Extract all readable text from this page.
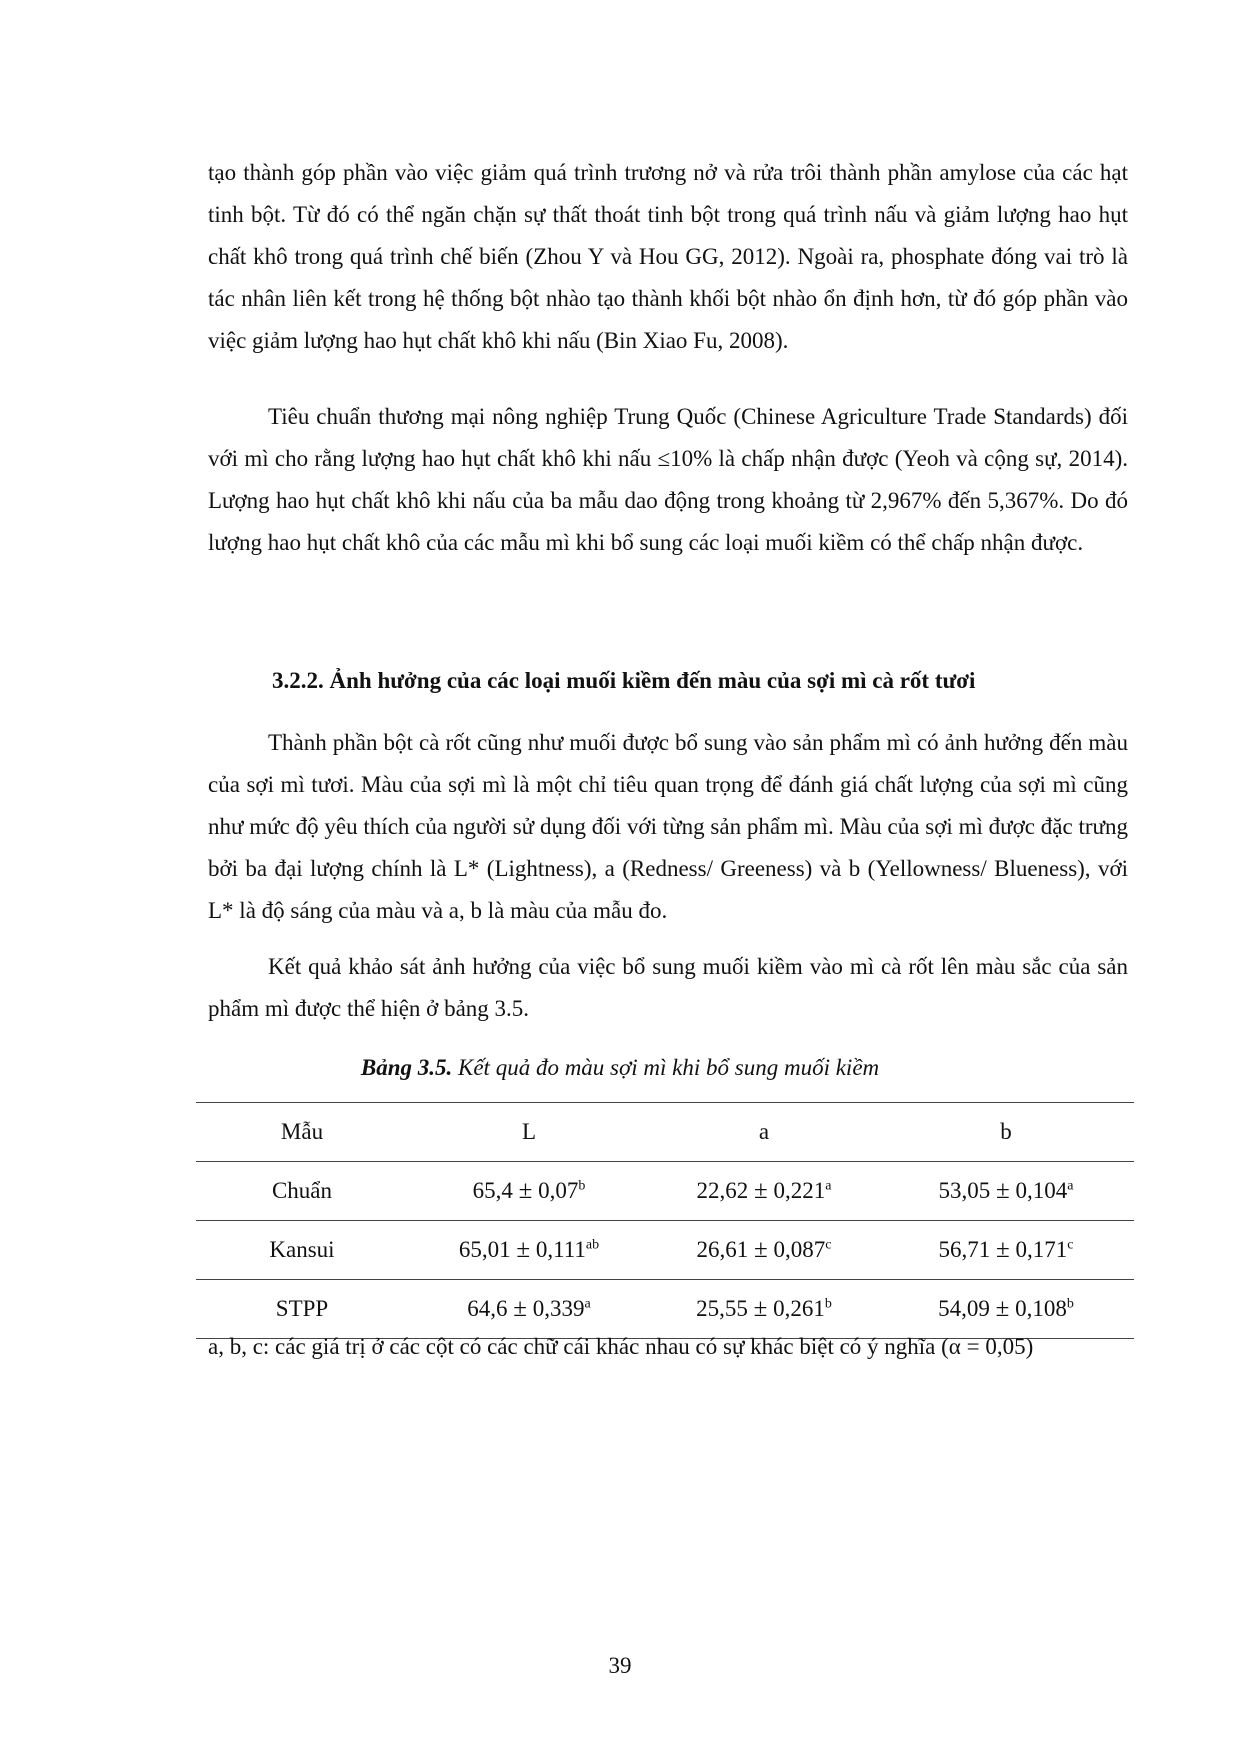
tạo thành góp phần vào việc giảm quá trình trương nở và rửa trôi thành phần amylose của các hạt tinh bột. Từ đó có thể ngăn chặn sự thất thoát tinh bột trong quá trình nấu và giảm lượng hao hụt chất khô trong quá trình chế biến (Zhou Y và Hou GG, 2012). Ngoài ra, phosphate đóng vai trò là tác nhân liên kết trong hệ thống bột nhào tạo thành khối bột nhào ổn định hơn, từ đó góp phần vào việc giảm lượng hao hụt chất khô khi nấu (Bin Xiao Fu, 2008).

Tiêu chuẩn thương mại nông nghiệp Trung Quốc (Chinese Agriculture Trade Standards) đối với mì cho rằng lượng hao hụt chất khô khi nấu ≤10% là chấp nhận được (Yeoh và cộng sự, 2014). Lượng hao hụt chất khô khi nấu của ba mẫu dao động trong khoảng từ 2,967% đến 5,367%. Do đó lượng hao hụt chất khô của các mẫu mì khi bổ sung các loại muối kiềm có thể chấp nhận được.

3.2.2. Ảnh hưởng của các loại muối kiềm đến màu của sợi mì cà rốt tươi

Thành phần bột cà rốt cũng như muối được bổ sung vào sản phẩm mì có ảnh hưởng đến màu của sợi mì tươi. Màu của sợi mì là một chỉ tiêu quan trọng để đánh giá chất lượng của sợi mì cũng như mức độ yêu thích của người sử dụng đối với từng sản phẩm mì. Màu của sợi mì được đặc trưng bởi ba đại lượng chính là L* (Lightness), a (Redness/ Greeness) và b (Yellowness/ Blueness), với L* là độ sáng của màu và a, b là màu của mẫu đo.

Kết quả khảo sát ảnh hưởng của việc bổ sung muối kiềm vào mì cà rốt lên màu sắc của sản phẩm mì được thể hiện ở bảng 3.5.

Bảng 3.5. Kết quả đo màu sợi mì khi bổ sung muối kiềm

Mẫu	L	a	b
Chuẩn	65,4 ± 0,07$^b$	22,62 ± 0,221$^a$	53,05 ± 0,104$^a$
Kansui	65,01 ± 0,111$^{ab}$	26,61 ± 0,087$^c$	56,71 ± 0,171$^c$
STPP	64,6 ± 0,339$^a$	25,55 ± 0,261$^b$	54,09 ± 0,108$^b$

a, b, c: các giá trị ở các cột có các chữ cái khác nhau có sự khác biệt có ý nghĩa (α = 0,05)

39
